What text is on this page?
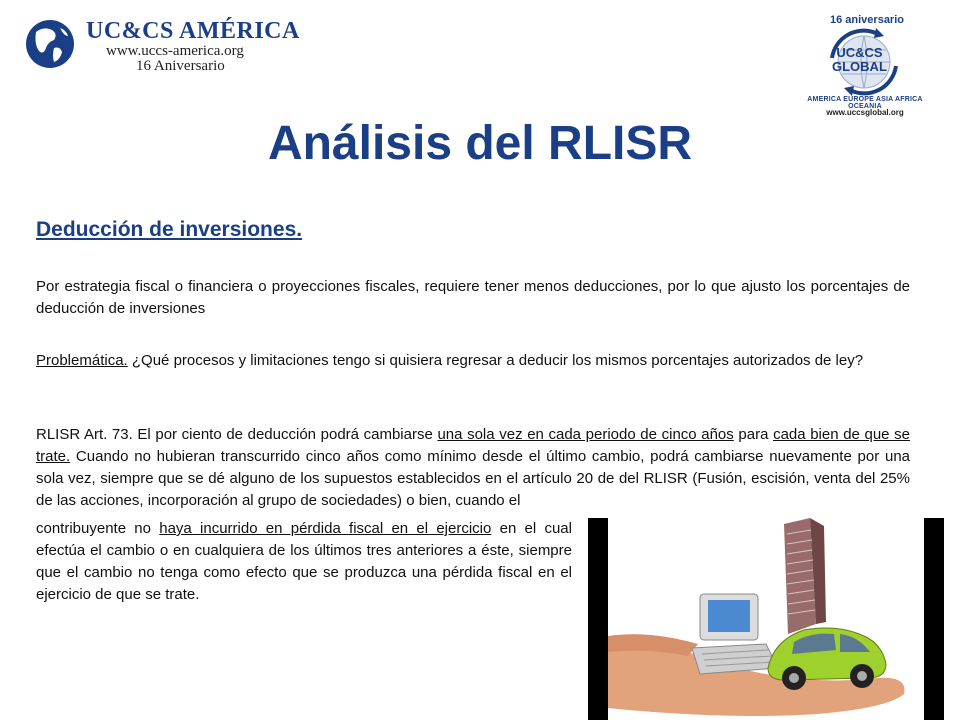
UC&CS AMÉRICA
www.uccs-america.org
16 Aniversario
16 aniversario
UC&CS
GLOBAL
AMERICA EUROPE ASIA AFRICA OCEANIA
www.uccsglobal.org
Análisis del RLISR
Deducción de inversiones.
Por estrategia fiscal o financiera o proyecciones fiscales, requiere tener menos deducciones, por lo que ajusto los porcentajes de deducción de inversiones
Problemática. ¿Qué procesos y limitaciones tengo si quisiera regresar a deducir los mismos porcentajes autorizados de ley?
RLISR Art. 73. El por ciento de deducción podrá cambiarse una sola vez en cada periodo de cinco años para cada bien de que se trate. Cuando no hubieran transcurrido cinco años como mínimo desde el último cambio, podrá cambiarse nuevamente por una sola vez, siempre que se dé alguno de los supuestos establecidos en el artículo 20 de del RLISR (Fusión, escisión, venta del 25% de las acciones, incorporación al grupo de sociedades) o bien, cuando el
contribuyente no haya incurrido en pérdida fiscal en el ejercicio en el cual efectúa el cambio o en cualquiera de los últimos tres anteriores a éste, siempre que el cambio no tenga como efecto que se produzca una pérdida fiscal en el ejercicio de que se trate.
